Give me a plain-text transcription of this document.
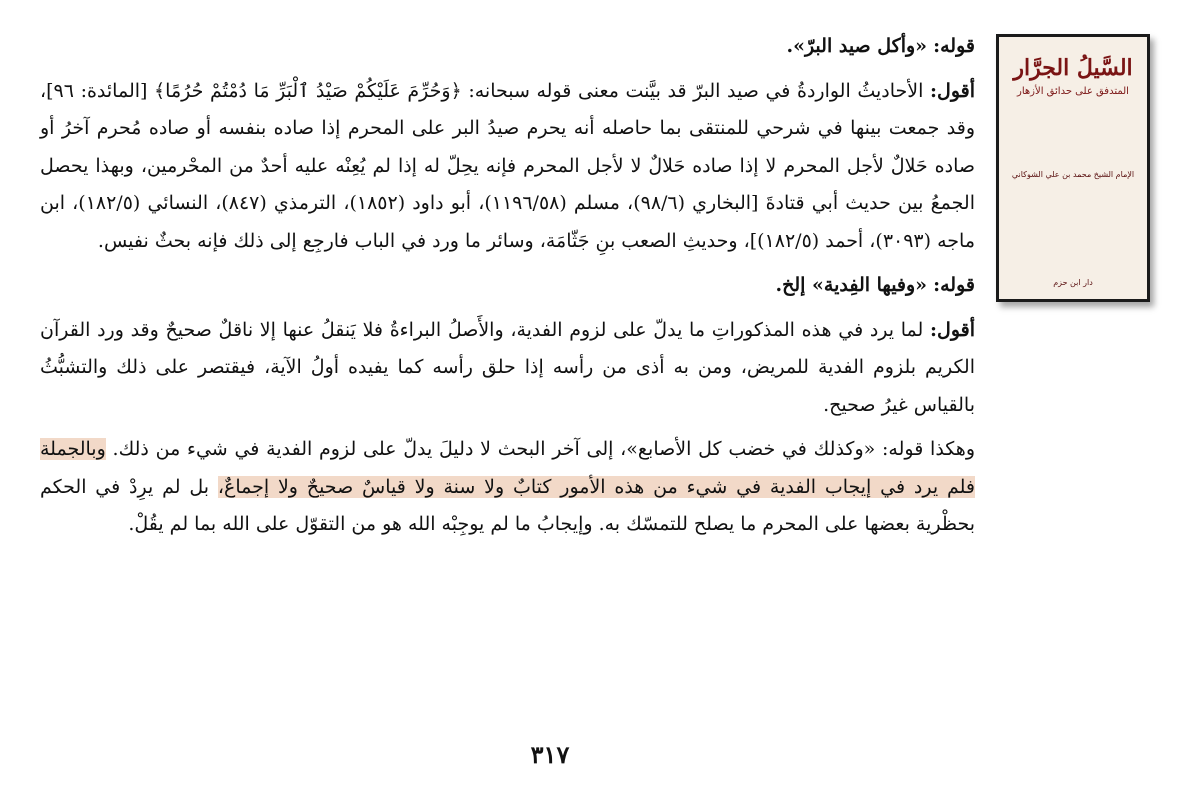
قوله: «وأكل صيد البرّ».

أقول: الأحاديثُ الواردةُ في صيد البرّ قد بيَّنت معنى قوله سبحانه: ﴿وَحُرِّمَ عَلَيْكُمْ صَيْدُ ٱلْبَرِّ مَا دُمْتُمْ حُرُمًا﴾ [المائدة: ٩٦]، وقد جمعت بينها في شرحي للمنتقى بما حاصله أنه يحرم صيدُ البر على المحرم إذا صاده بنفسه أو صاده مُحرم آخرُ أو صاده حَلالٌ لأجل المحرم لا إذا صاده حَلالٌ لا لأجل المحرم فإنه يحِلّ له إذا لم يُعِنْه عليه أحدٌ من المحْرمين، وبهذا يحصل الجمعُ بين حديث أبي قتادةَ [البخاري (٩٨/٦)، مسلم (١١٩٦/٥٨)، أبو داود (١٨٥٢)، الترمذي (٨٤٧)، النسائي (١٨٢/٥)، ابن ماجه (٣٠٩٣)، أحمد (١٨٢/٥)]، وحديثِ الصعب بنِ جَثّامَة، وسائر ما ورد في الباب فارجِع إلى ذلك فإنه بحثٌ نفيس.

قوله: «وفيها الفِدية» إلخ.

أقول: لما يرد في هذه المذكوراتِ ما يدلّ على لزوم الفدية، والأَصلُ البراءةُ فلا يَنقلُ عنها إلا ناقلٌ صحيحٌ وقد ورد القرآن الكريم بلزوم الفدية للمريض، ومن به أذى من رأسه إذا حلق رأسه كما يفيده أولُ الآية، فيقتصر على ذلك والتشبُّثُ بالقياس غيرُ صحيح.

وهكذا قوله: «وكذلك في خضب كل الأصابع»، إلى آخر البحث لا دليلَ يدلّ على لزوم الفدية في شيء من ذلك. وبالجملة فلم يرد في إيجاب الفدية في شيء من هذه الأمور كتابٌ ولا سنة ولا قياسٌ صحيحٌ ولا إجماعٌ، بل لم يرِدْ في الحكم بحظْرية بعضها على المحرم ما يصلح للتمسّك به. وإيجابُ ما لم يوجِبْه الله هو من التقوّل على الله بما لم يقُلْ.

٣١٧
السَّيلُ الجرَّار
المتدفق على حدائق الأزهار
الإمام الشيخ محمد بن علي الشوكاني
دار ابن حزم
